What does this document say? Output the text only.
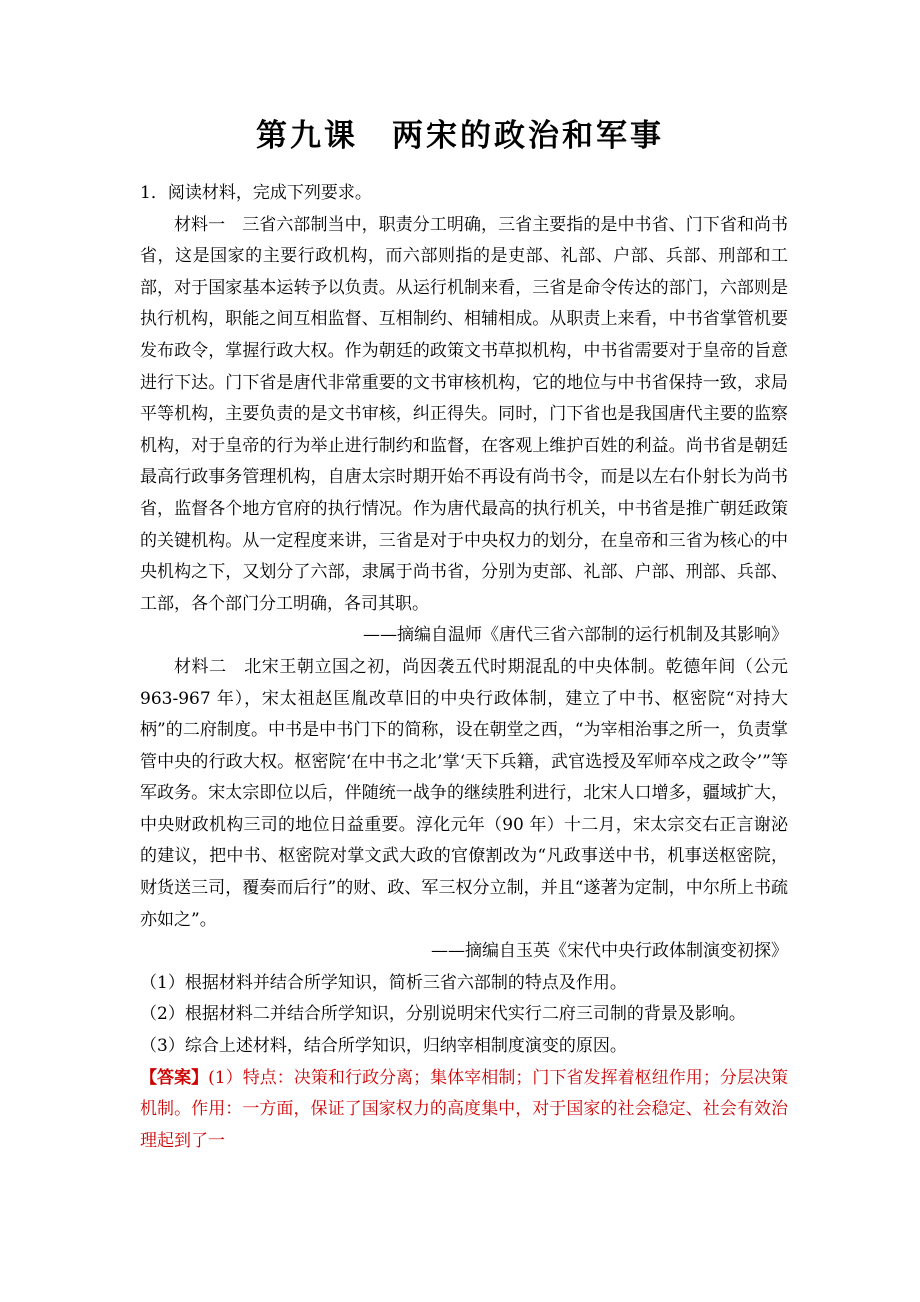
第九课　两宋的政治和军事

1．阅读材料，完成下列要求。

材料一　三省六部制当中，职责分工明确，三省主要指的是中书省、门下省和尚书省，这是国家的主要行政机构，而六部则指的是吏部、礼部、户部、兵部、刑部和工部，对于国家基本运转予以负责。从运行机制来看，三省是命令传达的部门，六部则是执行机构，职能之间互相监督、互相制约、相辅相成。从职责上来看，中书省掌管机要发布政令，掌握行政大权。作为朝廷的政策文书草拟机构，中书省需要对于皇帝的旨意进行下达。门下省是唐代非常重要的文书审核机构，它的地位与中书省保持一致，求局平等机构，主要负责的是文书审核，纠正得失。同时，门下省也是我国唐代主要的监察机构，对于皇帝的行为举止进行制约和监督，在客观上维护百姓的利益。尚书省是朝廷最高行政事务管理机构，自唐太宗时期开始不再设有尚书令，而是以左右仆射长为尚书省，监督各个地方官府的执行情况。作为唐代最高的执行机关，中书省是推广朝廷政策的关键机构。从一定程度来讲，三省是对于中央权力的划分，在皇帝和三省为核心的中央机构之下，又划分了六部，隶属于尚书省，分别为吏部、礼部、户部、刑部、兵部、工部，各个部门分工明确，各司其职。

——摘编自温师《唐代三省六部制的运行机制及其影响》

材料二　北宋王朝立国之初，尚因袭五代时期混乱的中央体制。乾德年间（公元 963-967 年），宋太祖赵匡胤改草旧的中央行政体制，建立了中书、枢密院“对持大柄”的二府制度。中书是中书门下的简称，设在朝堂之西，“为宰相治事之所一，负责掌管中央的行政大权。枢密院‘在中书之北’掌‘天下兵籍，武官选授及军师卒戍之政令’”等军政务。宋太宗即位以后，伴随统一战争的继续胜利进行，北宋人口增多，疆域扩大，中央财政机构三司的地位日益重要。淳化元年（90 年）十二月，宋太宗交右正言谢泌的建议，把中书、枢密院对掌文武大政的官僚割改为“凡政事送中书，机事送枢密院，财货送三司，覆奏而后行”的财、政、军三权分立制，并且“遂著为定制，中尔所上书疏亦如之”。

——摘编自玉英《宋代中央行政体制演变初探》

（1）根据材料并结合所学知识，简析三省六部制的特点及作用。

（2）根据材料二并结合所学知识，分别说明宋代实行二府三司制的背景及影响。

（3）综合上述材料，结合所学知识，归纳宰相制度演变的原因。

【答案】(1）特点：决策和行政分离；集体宰相制；门下省发挥着枢纽作用；分层决策机制。作用：一方面，保证了国家权力的高度集中，对于国家的社会稳定、社会有效治理起到了一
